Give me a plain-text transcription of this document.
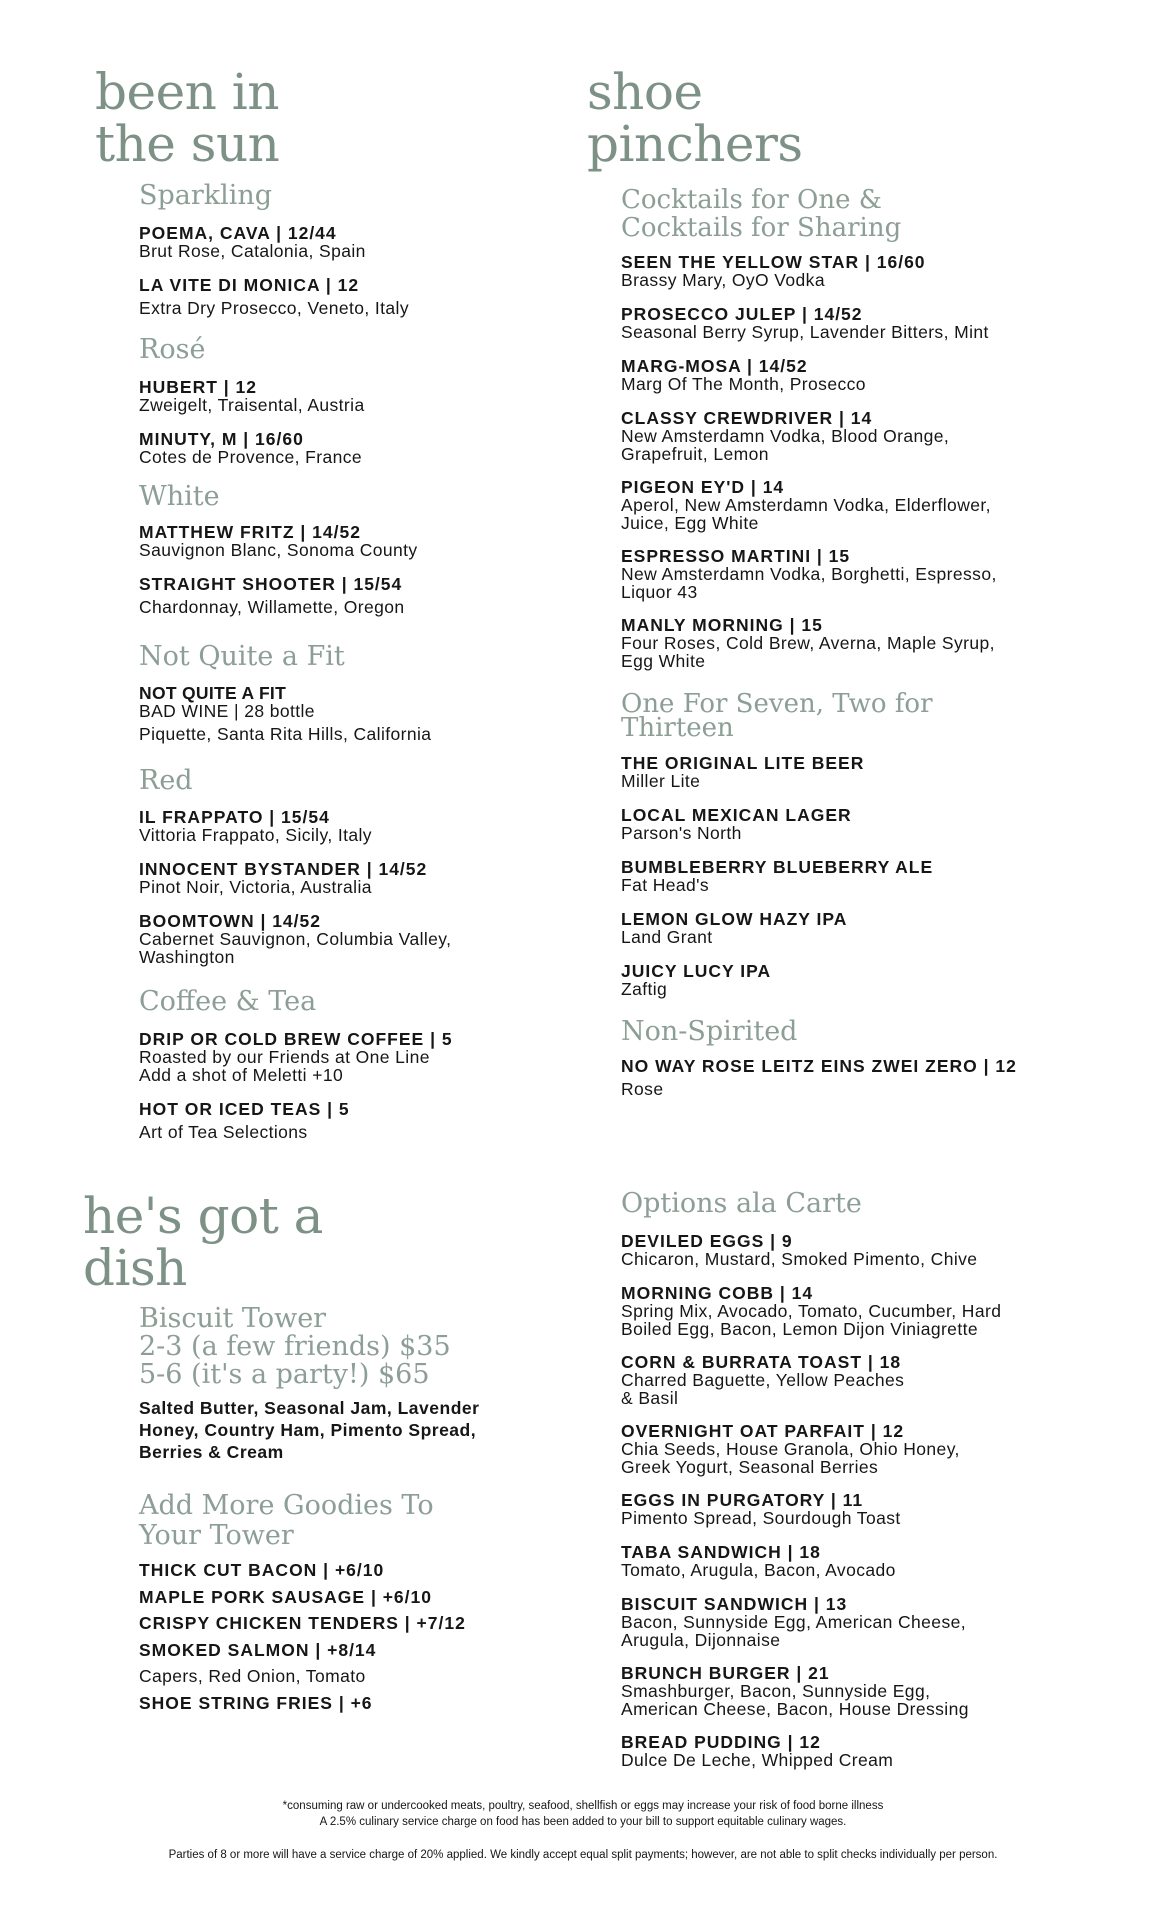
been in
the sun
Sparkling
POEMA, CAVA | 12/44
Brut Rose, Catalonia, Spain
LA VITE DI MONICA | 12
Extra Dry Prosecco, Veneto, Italy
Rosé
HUBERT | 12
Zweigelt, Traisental, Austria
MINUTY, M | 16/60
Cotes de Provence, France
White
MATTHEW FRITZ | 14/52
Sauvignon Blanc, Sonoma County
STRAIGHT SHOOTER | 15/54
Chardonnay, Willamette, Oregon
Not Quite a Fit
NOT QUITE A FIT
BAD WINE | 28 bottle
Piquette, Santa Rita Hills, California
Red
IL FRAPPATO | 15/54
Vittoria Frappato, Sicily, Italy
INNOCENT BYSTANDER | 14/52
Pinot Noir, Victoria, Australia
BOOMTOWN | 14/52
Cabernet Sauvignon, Columbia Valley,
Washington
Coffee & Tea
DRIP OR COLD BREW COFFEE | 5
Roasted by our Friends at One Line
Add a shot of Meletti +10
HOT OR ICED TEAS | 5
Art of Tea Selections
shoe
pinchers
Cocktails for One &
Cocktails for Sharing
SEEN THE YELLOW STAR | 16/60
Brassy Mary, OyO Vodka
PROSECCO JULEP | 14/52
Seasonal Berry Syrup, Lavender Bitters, Mint
MARG-MOSA | 14/52
Marg Of The Month, Prosecco
CLASSY CREWDRIVER | 14
New Amsterdamn Vodka, Blood Orange,
Grapefruit, Lemon
PIGEON EY'D | 14
Aperol, New Amsterdamn Vodka, Elderflower,
Juice, Egg White
ESPRESSO MARTINI | 15
New Amsterdamn Vodka, Borghetti, Espresso,
Liquor 43
MANLY MORNING | 15
Four Roses, Cold Brew, Averna, Maple Syrup,
Egg White
One For Seven, Two for
Thirteen
THE ORIGINAL LITE BEER
Miller Lite
LOCAL MEXICAN LAGER
Parson's North
BUMBLEBERRY BLUEBERRY ALE
Fat Head's
LEMON GLOW HAZY IPA
Land Grant
JUICY LUCY IPA
Zaftig
Non-Spirited
NO WAY ROSE LEITZ EINS ZWEI ZERO | 12
Rose
he's got a
dish
Biscuit Tower
2-3 (a few friends) $35
5-6 (it's a party!) $65
Salted Butter, Seasonal Jam, Lavender
Honey, Country Ham, Pimento Spread,
Berries & Cream
Add More Goodies To
Your Tower
THICK CUT BACON | +6/10
MAPLE PORK SAUSAGE | +6/10
CRISPY CHICKEN TENDERS | +7/12
SMOKED SALMON | +8/14
Capers, Red Onion, Tomato
SHOE STRING FRIES | +6
Options ala Carte
DEVILED EGGS | 9
Chicaron, Mustard, Smoked Pimento, Chive
MORNING COBB | 14
Spring Mix, Avocado, Tomato, Cucumber, Hard
Boiled Egg, Bacon, Lemon Dijon Viniagrette
CORN & BURRATA TOAST | 18
Charred Baguette, Yellow Peaches
& Basil
OVERNIGHT OAT PARFAIT | 12
Chia Seeds, House Granola, Ohio Honey,
Greek Yogurt, Seasonal Berries
EGGS IN PURGATORY | 11
Pimento Spread, Sourdough Toast
TABA SANDWICH | 18
Tomato, Arugula, Bacon, Avocado
BISCUIT SANDWICH | 13
Bacon, Sunnyside Egg, American Cheese,
Arugula, Dijonnaise
BRUNCH BURGER | 21
Smashburger, Bacon, Sunnyside Egg,
American Cheese, Bacon, House Dressing
BREAD PUDDING | 12
Dulce De Leche, Whipped Cream
*consuming raw or undercooked meats, poultry, seafood, shellfish or eggs may increase your risk of food borne illness
A 2.5% culinary service charge on food has been added to your bill to support equitable culinary wages.
Parties of 8 or more will have a service charge of 20% applied. We kindly accept equal split payments; however, are not able to split checks individually per person.
